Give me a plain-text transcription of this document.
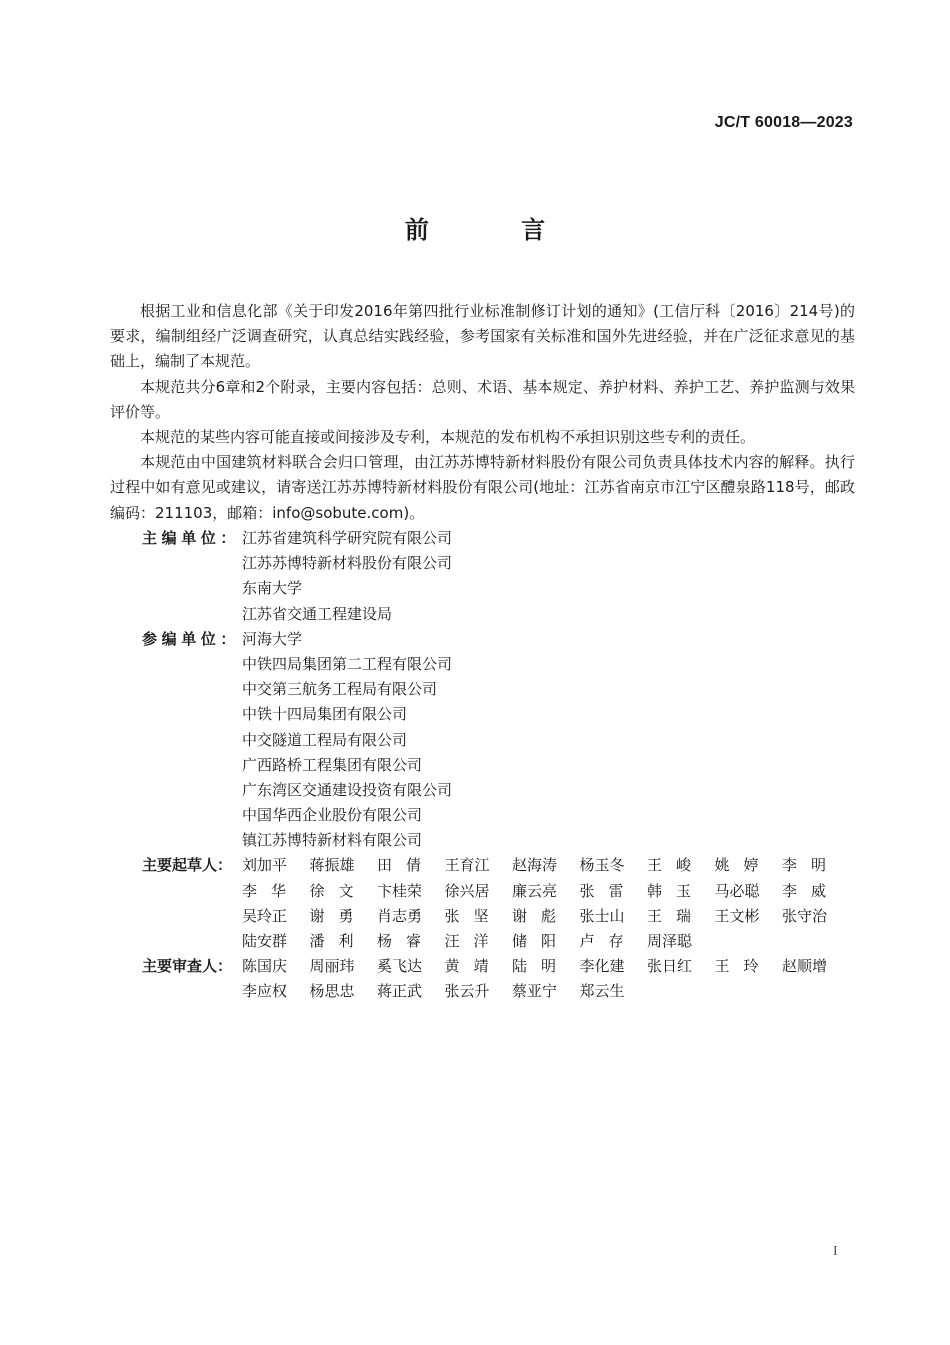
JC/T 60018—2023
前 言

根据工业和信息化部《关于印发2016年第四批行业标准制修订计划的通知》(工信厅科〔2016〕214号)的要求，编制组经广泛调查研究，认真总结实践经验，参考国家有关标准和国外先进经验，并在广泛征求意见的基础上，编制了本规范。

本规范共分6章和2个附录，主要内容包括：总则、术语、基本规定、养护材料、养护工艺、养护监测与效果评价等。

本规范的某些内容可能直接或间接涉及专利，本规范的发布机构不承担识别这些专利的责任。

本规范由中国建筑材料联合会归口管理，由江苏苏博特新材料股份有限公司负责具体技术内容的解释。执行过程中如有意见或建议，请寄送江苏苏博特新材料股份有限公司(地址：江苏省南京市江宁区醴泉路118号，邮政编码：211103，邮箱：info@sobute.com)。

主编单位： 江苏省建筑科学研究院有限公司
江苏苏博特新材料股份有限公司
东南大学
江苏省交通工程建设局
参编单位： 河海大学
中铁四局集团第二工程有限公司
中交第三航务工程局有限公司
中铁十四局集团有限公司
中交隧道工程局有限公司
广西路桥工程集团有限公司
广东湾区交通建设投资有限公司
中国华西企业股份有限公司
镇江苏博特新材料有限公司
主要起草人： 刘加平	蒋振雄	田倩 王育江	赵海涛	杨玉冬	王峻 姚婷 李明
李华 徐文 卞桂荣	徐兴居	廉云亮	张雷 韩玉 马必聪	李威
吴玲正	谢勇 肖志勇	张坚 谢彪 张士山	王瑞 王文彬	张守治
陆安群	潘利 杨睿 汪洋 储阳 卢存 周泽聪
主要审查人： 陈国庆	周丽玮	奚飞达	黄靖 陆明 李化建	张日红	王玲 赵顺增
李应权	杨思忠	蒋正武	张云升	蔡亚宁	郑云生
I
